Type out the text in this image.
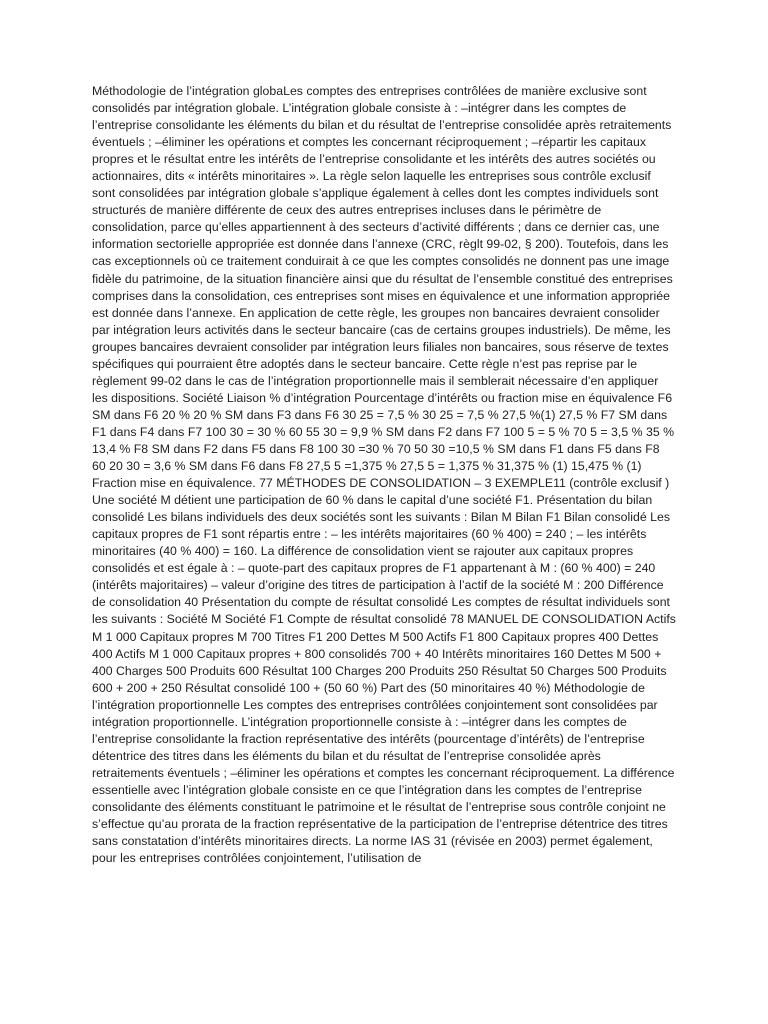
Méthodologie de l’intégration globaLes comptes des entreprises contrôlées de manière exclusive sont consolidés par intégration globale. L’intégration globale consiste à : –intégrer dans les comptes de l’entreprise consolidante les éléments du bilan et du résultat de l’entreprise consolidée après retraitements éventuels ; –éliminer les opérations et comptes les concernant réciproquement ; –répartir les capitaux propres et le résultat entre les intérêts de l’entreprise consolidante et les intérêts des autres sociétés ou actionnaires, dits « intérêts minoritaires ». La règle selon laquelle les entreprises sous contrôle exclusif sont consolidées par intégration globale s’applique également à celles dont les comptes individuels sont structurés de manière différente de ceux des autres entreprises incluses dans le périmètre de consolidation, parce qu’elles appartiennent à des secteurs d’activité différents ; dans ce dernier cas, une information sectorielle appropriée est donnée dans l’annexe (CRC, règlt 99-02, § 200). Toutefois, dans les cas exceptionnels où ce traitement conduirait à ce que les comptes consolidés ne donnent pas une image fidèle du patrimoine, de la situation financière ainsi que du résultat de l’ensemble constitué des entreprises comprises dans la consolidation, ces entreprises sont mises en équivalence et une information appropriée est donnée dans l’annexe. En application de cette règle, les groupes non bancaires devraient consolider par intégration leurs activités dans le secteur bancaire (cas de certains groupes industriels). De même, les groupes bancaires devraient consolider par intégration leurs filiales non bancaires, sous réserve de textes spécifiques qui pourraient être adoptés dans le secteur bancaire. Cette règle n’est pas reprise par le règlement 99-02 dans le cas de l’intégration proportionnelle mais il semblerait nécessaire d’en appliquer les dispositions. Société Liaison % d’intégration Pourcentage d’intérêts ou fraction mise en équivalence F6 SM dans F6 20 % 20 % SM dans F3 dans F6 30 25 = 7,5 % 30 25 = 7,5 % 27,5 %(1) 27,5 % F7 SM dans F1 dans F4 dans F7 100 30 = 30 % 60 55 30 = 9,9 % SM dans F2 dans F7 100 5 = 5 % 70 5 = 3,5 % 35 % 13,4 % F8 SM dans F2 dans F5 dans F8 100 30 =30 % 70 50 30 =10,5 % SM dans F1 dans F5 dans F8 60 20 30 = 3,6 % SM dans F6 dans F8 27,5 5 =1,375 % 27,5 5 = 1,375 % 31,375 % (1) 15,475 % (1) Fraction mise en équivalence. 77 MÉTHODES DE CONSOLIDATION – 3 EXEMPLE11 (contrôle exclusif ) Une société M détient une participation de 60 % dans le capital d’une société F1. Présentation du bilan consolidé Les bilans individuels des deux sociétés sont les suivants : Bilan M Bilan F1 Bilan consolidé Les capitaux propres de F1 sont répartis entre : – les intérêts majoritaires (60 % 400) = 240 ; – les intérêts minoritaires (40 % 400) = 160. La différence de consolidation vient se rajouter aux capitaux propres consolidés et est égale à : – quote-part des capitaux propres de F1 appartenant à M : (60 % 400) = 240 (intérêts majoritaires) – valeur d’origine des titres de participation à l’actif de la société M : 200 Différence de consolidation 40 Présentation du compte de résultat consolidé Les comptes de résultat individuels sont les suivants : Société M Société F1 Compte de résultat consolidé 78 MANUEL DE CONSOLIDATION Actifs M 1 000 Capitaux propres M 700 Titres F1 200 Dettes M 500 Actifs F1 800 Capitaux propres 400 Dettes 400 Actifs M 1 000 Capitaux propres + 800 consolidés 700 + 40 Intérêts minoritaires 160 Dettes M 500 + 400 Charges 500 Produits 600 Résultat 100 Charges 200 Produits 250 Résultat 50 Charges 500 Produits 600 + 200 + 250 Résultat consolidé 100 + (50 60 %) Part des (50 minoritaires 40 %) Méthodologie de l’intégration proportionnelle Les comptes des entreprises contrôlées conjointement sont consolidées par intégration proportionnelle. L’intégration proportionnelle consiste à : –intégrer dans les comptes de l’entreprise consolidante la fraction représentative des intérêts (pourcentage d’intérêts) de l’entreprise détentrice des titres dans les éléments du bilan et du résultat de l’entreprise consolidée après retraitements éventuels ; –éliminer les opérations et comptes les concernant réciproquement. La différence essentielle avec l’intégration globale consiste en ce que l’intégration dans les comptes de l’entreprise consolidante des éléments constituant le patrimoine et le résultat de l’entreprise sous contrôle conjoint ne s’effectue qu’au prorata de la fraction représentative de la participation de l’entreprise détentrice des titres sans constatation d’intérêts minoritaires directs. La norme IAS 31 (révisée en 2003) permet également, pour les entreprises contrôlées conjointement, l’utilisation de
